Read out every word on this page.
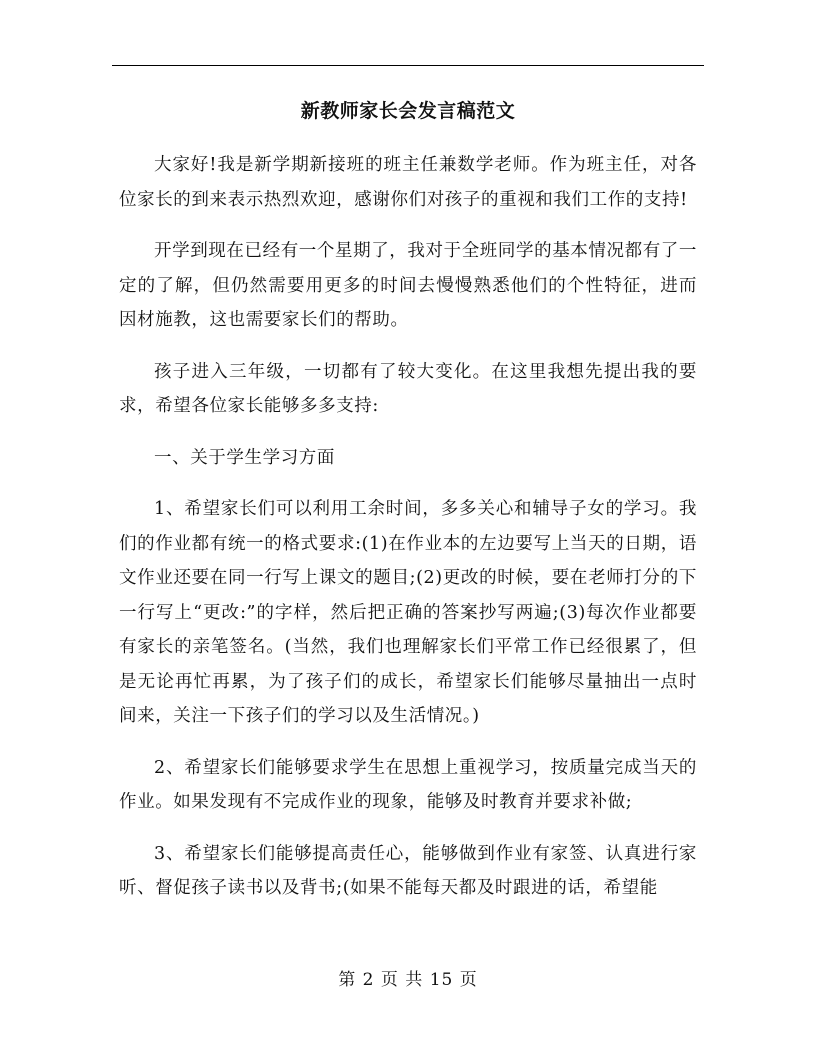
新教师家长会发言稿范文

大家好!我是新学期新接班的班主任兼数学老师。作为班主任，对各位家长的到来表示热烈欢迎，感谢你们对孩子的重视和我们工作的支持!

开学到现在已经有一个星期了，我对于全班同学的基本情况都有了一定的了解，但仍然需要用更多的时间去慢慢熟悉他们的个性特征，进而因材施教，这也需要家长们的帮助。

孩子进入三年级，一切都有了较大变化。在这里我想先提出我的要求，希望各位家长能够多多支持:

一、关于学生学习方面

1、希望家长们可以利用工余时间，多多关心和辅导子女的学习。我们的作业都有统一的格式要求:(1)在作业本的左边要写上当天的日期，语文作业还要在同一行写上课文的题目;(2)更改的时候，要在老师打分的下一行写上“更改:”的字样，然后把正确的答案抄写两遍;(3)每次作业都要有家长的亲笔签名。(当然，我们也理解家长们平常工作已经很累了，但是无论再忙再累，为了孩子们的成长，希望家长们能够尽量抽出一点时间来，关注一下孩子们的学习以及生活情况。)

2、希望家长们能够要求学生在思想上重视学习，按质量完成当天的作业。如果发现有不完成作业的现象，能够及时教育并要求补做;

3、希望家长们能够提高责任心，能够做到作业有家签、认真进行家听、督促孩子读书以及背书;(如果不能每天都及时跟进的话，希望能

第 2 页 共 15 页
